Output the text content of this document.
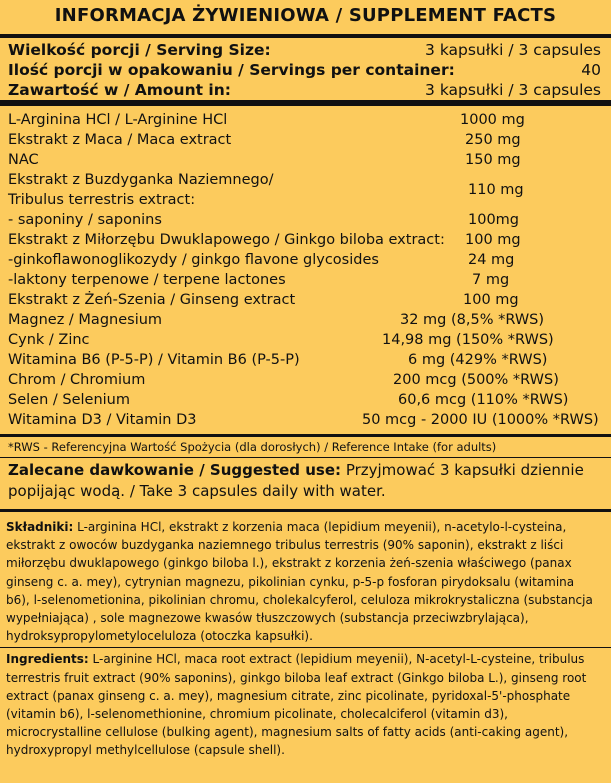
INFORMACJA ŻYWIENIOWA / SUPPLEMENT FACTS
Wielkość porcji / Serving Size:	3 kapsułki / 3 capsules
Ilość porcji w opakowaniu / Servings per container:	40
Zawartość w / Amount in:	3 kapsułki / 3 capsules
L-Arginina HCl / L-Arginine HCl	1000 mg
Ekstrakt z Maca / Maca extract	250 mg
NAC	150 mg
Ekstrakt z Buzdyganka Naziemnego/
Tribulus terrestris extract:
110 mg
- saponiny / saponins	100mg
Ekstrakt z Miłorzębu Dwuklapowego / Ginkgo biloba extract: 100 mg
-ginkoflawonoglikozydy / ginkgo flavone glycosides	24 mg
-laktony terpenowe / terpene lactones	7 mg
Ekstrakt z Żeń-Szenia / Ginseng extract	100 mg
Magnez / Magnesium	32 mg (8,5% *RWS)
Cynk / Zinc	14,98 mg (150% *RWS)
Witamina B6 (P-5-P) / Vitamin B6 (P-5-P)	6 mg (429% *RWS)
Chrom / Chromium	200 mcg (500% *RWS)
Selen / Selenium	60,6 mcg (110% *RWS)
Witamina D3 / Vitamin D3	50 mcg - 2000 IU (1000% *RWS)
*RWS - Referencyjna Wartość Spożycia (dla dorosłych) / Reference Intake (for adults)
Zalecane dawkowanie / Suggested use: Przyjmować 3 kapsułki dziennie popijając wodą. / Take 3 capsules daily with water.

Składniki: L-arginina HCl, ekstrakt z korzenia maca (lepidium meyenii), n-acetylo-l-cysteina, ekstrakt z owoców buzdyganka naziemnego tribulus terrestris (90% saponin), ekstrakt z liści miłorzębu dwuklapowego (ginkgo biloba l.), ekstrakt z korzenia żeń-szenia właściwego (panax ginseng c. a. mey), cytrynian magnezu, pikolinian cynku, p-5-p fosforan pirydoksalu (witamina b6), l-selenometionina, pikolinian chromu, cholekalcyferol, celuloza mikrokrystaliczna (substancja wypełniająca) , sole magnezowe kwasów tłuszczowych (substancja przeciwzbrylająca), hydroksypropylometyloceluloza (otoczka kapsułki).

Ingredients: L-arginine HCl, maca root extract (lepidium meyenii), N-acetyl-L-cysteine, tribulus terrestris fruit extract (90% saponins), ginkgo biloba leaf extract (Ginkgo biloba L.), ginseng root extract (panax ginseng c. a. mey), magnesium citrate, zinc picolinate, pyridoxal-5'-phosphate (vitamin b6), l-selenomethionine, chromium picolinate, cholecalciferol (vitamin d3), microcrystalline cellulose (bulking agent), magnesium salts of fatty acids (anti-caking agent), hydroxypropyl methylcellulose (capsule shell).
